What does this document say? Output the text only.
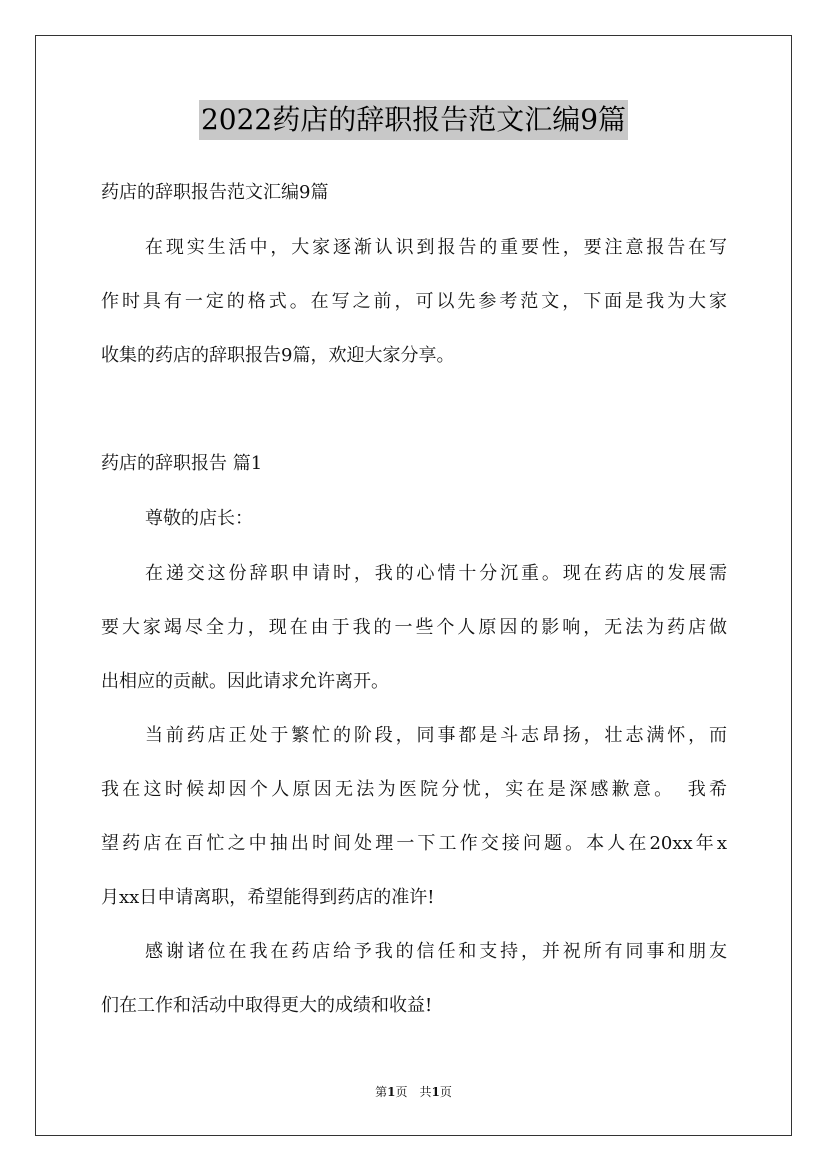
2022药店的辞职报告范文汇编9篇
药店的辞职报告范文汇编9篇
在现实生活中，大家逐渐认识到报告的重要性，要注意报告在写
作时具有一定的格式。在写之前，可以先参考范文，下面是我为大家
收集的药店的辞职报告9篇，欢迎大家分享。
药店的辞职报告 篇1
尊敬的店长：
在递交这份辞职申请时，我的心情十分沉重。现在药店的发展需
要大家竭尽全力，现在由于我的一些个人原因的影响，无法为药店做
出相应的贡献。因此请求允许离开。
当前药店正处于繁忙的阶段，同事都是斗志昂扬，壮志满怀，而
我在这时候却因个人原因无法为医院分忧，实在是深感歉意。　我希
望药店在百忙之中抽出时间处理一下工作交接问题。本人在20xx年x
月xx日申请离职，希望能得到药店的准许!
感谢诸位在我在药店给予我的信任和支持，并祝所有同事和朋友
们在工作和活动中取得更大的成绩和收益!
第1页　共1页
